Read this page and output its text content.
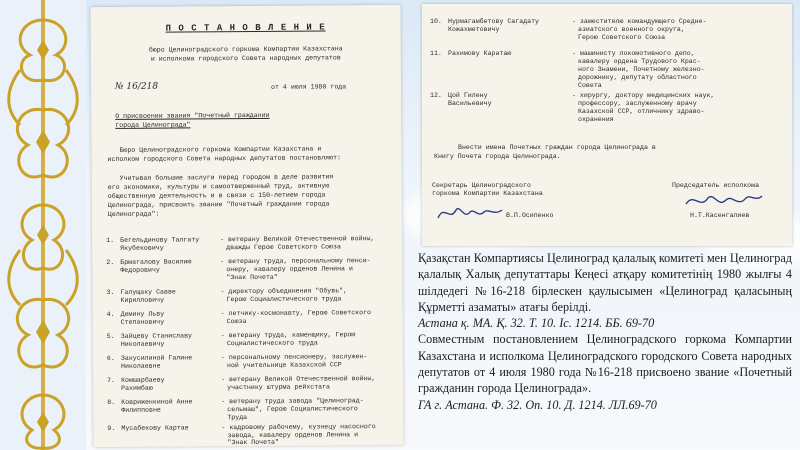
П О С Т А Н О В Л Е Н И Е
бюро Целиноградского горкома Компартии Казахстана
и исполкома городского Совета народных депутатов
№ 16/218	от 4 июля 1980 года
О присвоении звания "Почетный граждании
города Целинограда"
Бюро Целиноградского горкома Компартии Казахстана и
исполком городского Совета народных депутатов постановляют:
Учитывая большие заслуги перед городом в деле развития
его экономики, культуры и самоотверженный труд, активную
общественную деятельность и в связи с 150-летием города
Целинограда, присвоить звание "Почетный граждании города
Целинограда":
1. Бегельдинову Талгату
Якубековичу
- ветерану Великой Отечественной войны,
дважды Герою Советского Союза
2. Брмагалову Василию
Федоровичу
- ветерану труда, персональному пенси-
онеру, кавалеру орденов Ленина и
"Знак Почета"
3. Галущаку Савве
Кирилловичу
- директору объединения "Обувь",
Герою Социалистического труда
4. Демину Льву
Степановичу
- летчику-космонавту, Герою Советского
Союза
5. Зайцеву Станиславу
Николаевичу
- ветерану труда, каменщику, Герою
Социалистического труда
6. Закусилиной Галине
Николаевне
- персональному пенсионеру, заслужен-
ной учительнице Казахской ССР
7. Комшарбаеву
Рахимбаю
- ветерану Великой Отечественной войны,
участнику штурма рейхстага
8. Ковриженкиной Анне
Филипповне
- ветерану труда завода "Целиноград-
сельмаш", Герою Социалистического
Труда
9. Мусабекову Картае	- кадровому рабочему, кузнецу насосного
завода, кавалеру орденов Ленина и
"Знак Почета"
10. Нурмагамбетову Сагадату
Кожахметовичу
- заместителю командующего Средне-
азиатского военного округа,
Герою Советского Союза
11. Рахимову Каратаю	- машинисту локомотивного депо,
кавалеру ордена Трудового Крас-
ного Знамени, Почетному железно-
дорожнику, депутату областного
Совета
12. Цой Гилену
Васильевичу
- хирургу, доктору медицинских наук,
профессору, заслуженному врачу
Казахской ССР, отличнику здраво-
охранения
Внести имена Почетных граждан города Целинограда в
Книгу Почета города Целинограда.
Секретарь Целиноградского
горкома Компартии Казахстана
В.П.Осипенко
Председатель исполкома
Н.Т.Касенгалиев

Қазақстан Компартиясы Целиноград қалалық комитеті мен Целиноград қалалық Халық депутаттары Кеңесі атқару комитетінің 1980 жылғы 4 шілдедегі №16-218 бірлескен қаулысымен «Целиноград қаласының Құрметті азаматы» атағы берілді.

Астана қ. МА. Қ. 32. Т. 10. Іс. 1214. ББ. 69-70

Совместным постановлением Целиноградского горкома Компартии Казахстана и исполкома Целиноградского городского Совета народных депутатов от 4 июля 1980 года №16-218 присвоено звание «Почетный гражданин города Целинограда».

ГА г. Астана. Ф. 32. Оп. 10. Д. 1214. ЛЛ.69-70
